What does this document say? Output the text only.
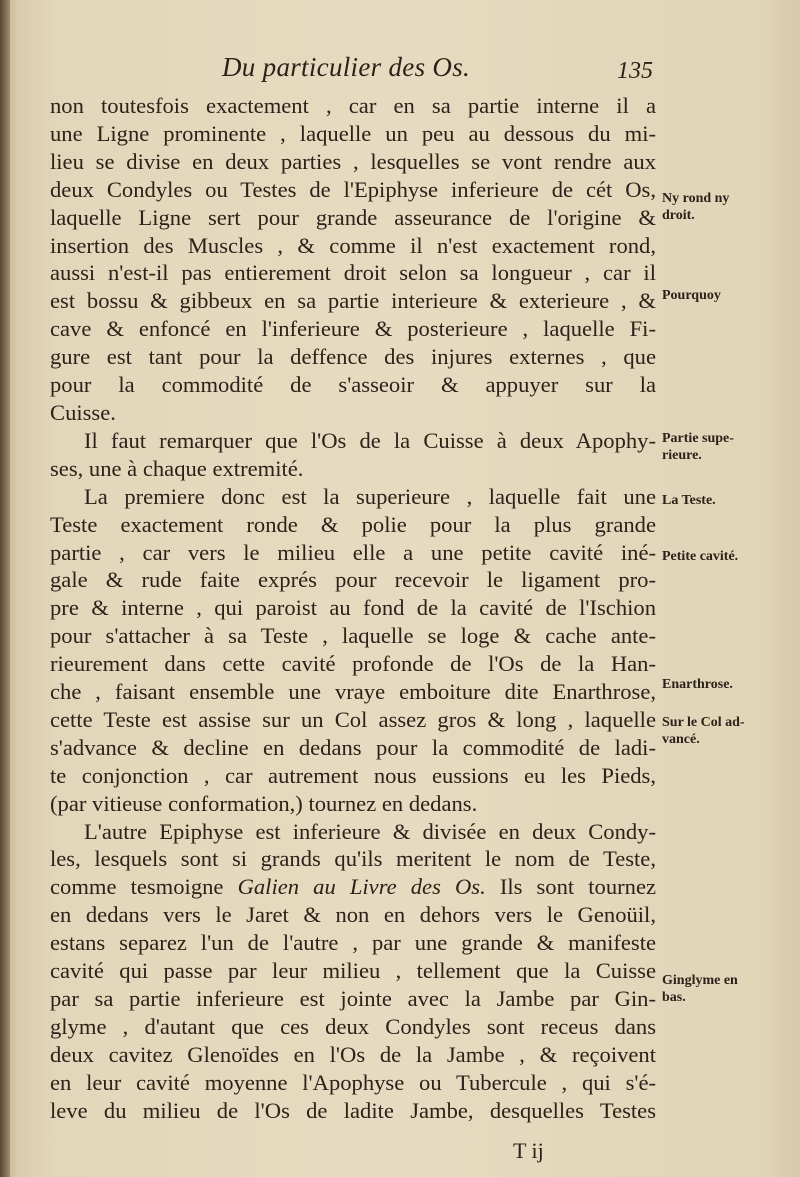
Du particulier des Os.	135
non toutesfois exactement , car en sa partie interne il a
une Ligne prominente , laquelle un peu au dessous du mi-
lieu se divise en deux parties , lesquelles se vont rendre aux
deux Condyles ou Testes de l'Epiphyse inferieure de cét Os,
laquelle Ligne sert pour grande asseurance de l'origine &
insertion des Muscles , & comme il n'est exactement rond,
aussi n'est-il pas entierement droit selon sa longueur , car il
est bossu & gibbeux en sa partie interieure & exterieure , &
cave & enfoncé en l'inferieure & posterieure , laquelle Fi-
gure est tant pour la deffence des injures externes , que
pour la commodité de s'asseoir & appuyer sur la
Cuisse.
Il faut remarquer que l'Os de la Cuisse à deux Apophy-
ses, une à chaque extremité.
La premiere donc est la superieure , laquelle fait une
Teste exactement ronde & polie pour la plus grande
partie , car vers le milieu elle a une petite cavité iné-
gale & rude faite exprés pour recevoir le ligament pro-
pre & interne , qui paroist au fond de la cavité de l'Ischion
pour s'attacher à sa Teste , laquelle se loge & cache ante-
rieurement dans cette cavité profonde de l'Os de la Han-
che , faisant ensemble une vraye emboiture dite Enarthrose,
cette Teste est assise sur un Col assez gros & long , laquelle
s'advance & decline en dedans pour la commodité de ladi-
te conjonction , car autrement nous eussions eu les Pieds,
(par vitieuse conformation,) tournez en dedans.
L'autre Epiphyse est inferieure & divisée en deux Condy-
les, lesquels sont si grands qu'ils meritent le nom de Teste,
comme tesmoigne Galien au Livre des Os. Ils sont tournez
en dedans vers le Jaret & non en dehors vers le Genoüil,
estans separez l'un de l'autre , par une grande & manifeste
cavité qui passe par leur milieu , tellement que la Cuisse
par sa partie inferieure est jointe avec la Jambe par Gin-
glyme , d'autant que ces deux Condyles sont receus dans
deux cavitez Glenoïdes en l'Os de la Jambe , & reçoivent
en leur cavité moyenne l'Apophyse ou Tubercule , qui s'é-
leve du milieu de l'Os de ladite Jambe, desquelles Testes
Ny rond ny
droit.
Pourquoy
Partie supe-
rieure.
La Teste.
Petite cavité.
Enarthrose.
Sur le Col ad-
vancé.
Ginglyme en
bas.
T ij
